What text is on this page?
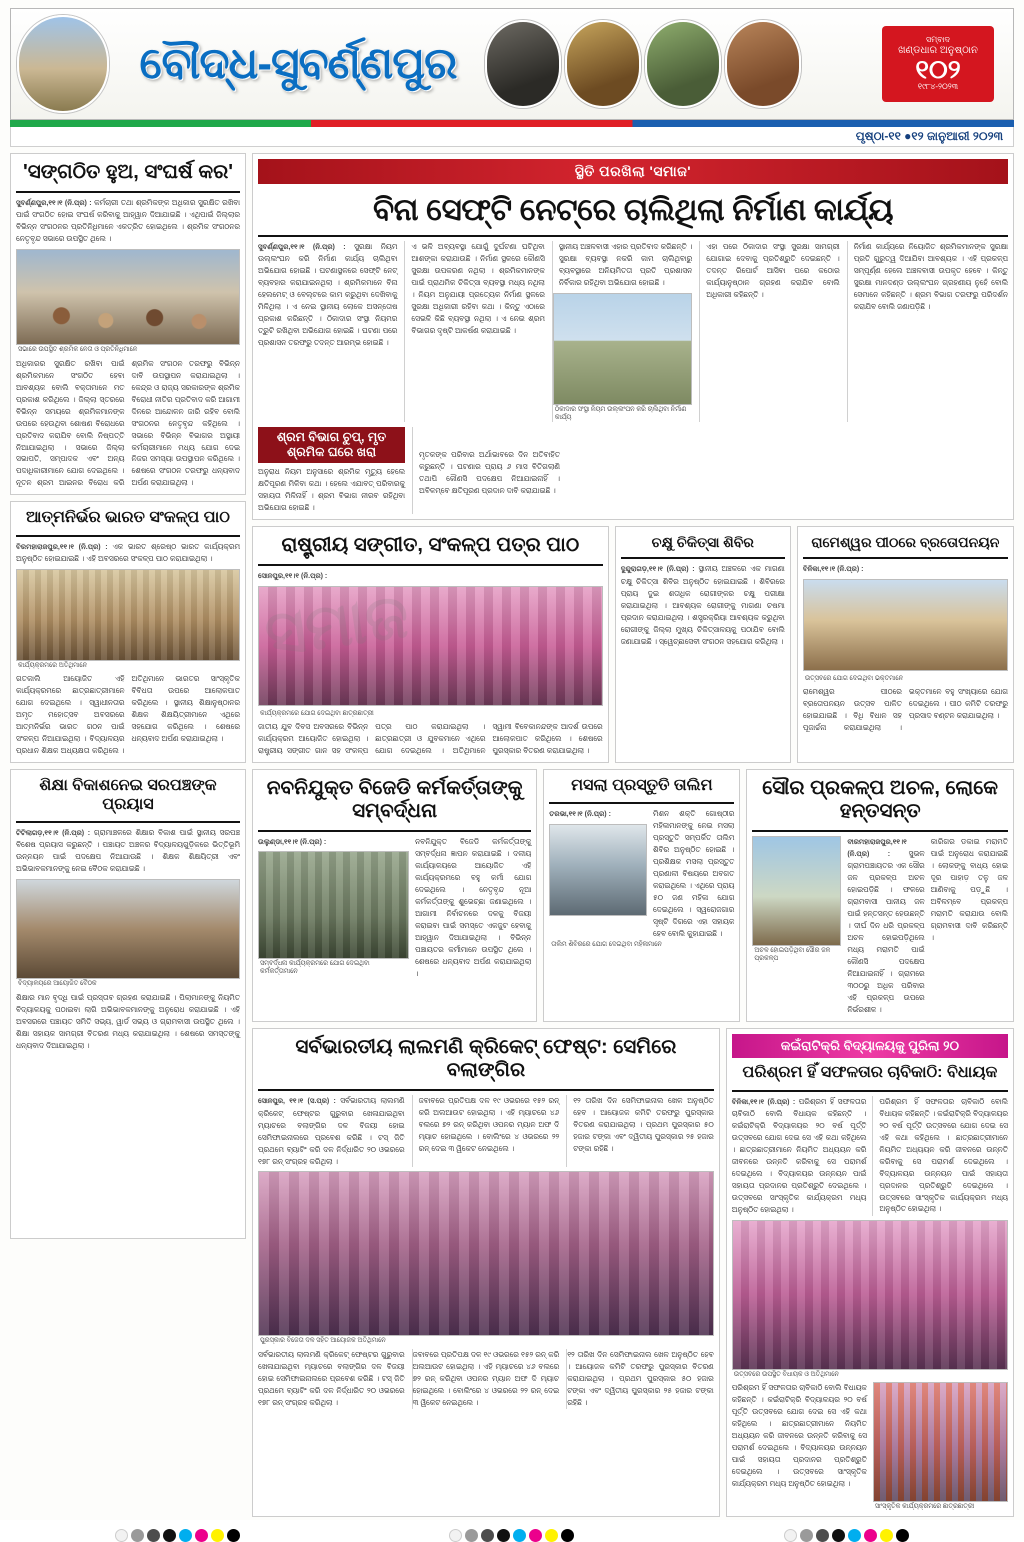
ବୌଦ୍ଧ-ସୁବର୍ଣ୍ଣପୁର	ସମ୍ବାଦ
ଖଣ୍ଡଧାର ଅନୁଷ୍ଠାନ
୧୦୨
୧୯୮୪-୨୦୨୩
ପୃଷ୍ଠା-୧୧ ●୧୨ ଜାନୁଆରୀ ୨୦୨୩
'ସଙ୍ଗଠିତ ହୁଅ, ସଂଘର୍ଷ କର'
ସୁବର୍ଣ୍ଣପୁର,୧୧।୧ (ନି.ପ୍ର) : କର୍ମଚାରୀ ତଥା ଶ୍ରମିକଙ୍କ ଅଧିକାର ସୁରକ୍ଷିତ ରଖିବା ପାଇଁ ସଂଗଠିତ ହୋଇ ସଂଘର୍ଷ କରିବାକୁ ଆହ୍ୱାନ ଦିଆଯାଇଛି । ଏଥିପାଇଁ ଜିଲ୍ଲାର ବିଭିନ୍ନ ସଂଗଠନର ପ୍ରତିନିଧିମାନେ ଏକତ୍ରିତ ହୋଇଥିଲେ । ଶ୍ରମିକ ସଂଗଠନର ନେତୃବୃନ୍ଦ ସଭାରେ ଉପସ୍ଥିତ ଥିଲେ ।
ସଭାରେ ଉପସ୍ଥିତ ଶ୍ରମିକ ନେତା ଓ ପ୍ରତିନିଧିମାନେ
ଅଧିକାରର ସୁରକ୍ଷିତ ରଖିବା ପାଇଁ ଶ୍ରମିକମାନେ ସଂଗଠିତ ହେବା ଆବଶ୍ୟକ ବୋଲି ବକ୍ତାମାନେ ମତ ପ୍ରକାଶ କରିଥିଲେ । ଜିଲ୍ଲା ସ୍ତରରେ ବିଭିନ୍ନ ସମୟରେ ଶ୍ରମିକମାନଙ୍କ ଉପରେ ହେଉଥିବା ଶୋଷଣ ବିରୋଧରେ ପ୍ରତିବାଦ କରାଯିବ ବୋଲି ନିଷ୍ପତ୍ତି ନିଆଯାଇଥିଲା । ସଭାରେ ଜିଲ୍ଲା ସଭାପତି, ସମ୍ପାଦକ ଏବଂ ଅନ୍ୟ ପଦାଧିକାରୀମାନେ ଯୋଗ ଦେଇଥିଲେ । ନୂତନ ଶ୍ରମ ଆଇନର ବିରୋଧ କରି ଶ୍ରମିକ ସଂଗଠନ ତରଫରୁ ବିଭିନ୍ନ ଦାବି ଉପସ୍ଥାପନ କରାଯାଇଥିଲା । କେନ୍ଦ୍ର ଓ ରାଜ୍ୟ ସରକାରଙ୍କ ଶ୍ରମିକ ବିରୋଧୀ ନୀତିର ପ୍ରତିବାଦ କରି ଆଗାମୀ ଦିନରେ ଆନ୍ଦୋଳନ ଜାରି ରହିବ ବୋଲି ସଂଗଠନର ନେତୃବୃନ୍ଦ କହିଥିଲେ । ସଭାରେ ବିଭିନ୍ନ ବିଭାଗର ଅସ୍ଥାୟୀ କର୍ମଚାରୀମାନେ ମଧ୍ୟ ଯୋଗ ଦେଇ ନିଜର ସମସ୍ୟା ଉପସ୍ଥାପନ କରିଥିଲେ । ଶେଷରେ ସଂଗଠନ ତରଫରୁ ଧନ୍ୟବାଦ ଅର୍ପଣ କରାଯାଇଥିଲା ।
ଆତ୍ମନିର୍ଭର ଭାରତ ସଂକଳ୍ପ ପାଠ
ବିରମହାରାଜପୁର,୧୧।୧ (ନି.ପ୍ର) : ଏକ ଭାରତ ଶ୍ରେଷ୍ଠ ଭାରତ କାର୍ଯ୍ୟକ୍ରମ ଅନୁଷ୍ଠିତ ହୋଇଯାଇଛି । ଏହି ଅବସରରେ ସଂକଳ୍ପ ପାଠ କରାଯାଇଥିଲା ।
କାର୍ଯ୍ୟକ୍ରମରେ ଅତିଥିମାନେ
ଗତକାଲି ଆୟୋଜିତ ଏହି କାର୍ଯ୍ୟକ୍ରମରେ ଛାତ୍ରଛାତ୍ରୀମାନେ ଯୋଗ ଦେଇଥିଲେ । ସ୍ୱାଧୀନତାର ଅମୃତ ମହୋତ୍ସବ ଅବସରରେ ଆତ୍ମନିର୍ଭର ଭାରତ ଗଠନ ପାଇଁ ସଂକଳ୍ପ ନିଆଯାଇଥିଲା । ବିଦ୍ୟାଳୟର ପ୍ରଧାନ ଶିକ୍ଷକ ଅଧ୍ୟକ୍ଷତା କରିଥିଲେ । ଅତିଥିମାନେ ଭାରତର ସାଂସ୍କୃତିକ ବିବିଧତା ଉପରେ ଆଲୋକପାତ କରିଥିଲେ । ସ୍ଥାନୀୟ ଶିକ୍ଷାନୁଷ୍ଠାନର ଶିକ୍ଷକ ଶିକ୍ଷୟିତ୍ରୀମାନେ ଏଥିରେ ସହଯୋଗ କରିଥିଲେ । ଶେଷରେ ଧନ୍ୟବାଦ ଅର୍ପଣ କରାଯାଇଥିଲା ।
ଶିକ୍ଷା ବିକାଶନେଇ ସରପଞ୍ଚଙ୍କ ପ୍ରୟାସ
ଟିଟିଲାଗଡ଼,୧୧।୧ (ନି.ପ୍ର) : ଗ୍ରାମାଞ୍ଚଳରେ ଶିକ୍ଷାର ବିକାଶ ପାଇଁ ସ୍ଥାନୀୟ ସରପଞ୍ଚ ବିଶେଷ ପ୍ରୟାସ କରୁଛନ୍ତି । ପଞ୍ଚାୟତ ଅଞ୍ଚଳର ବିଦ୍ୟାଳୟଗୁଡ଼ିକରେ ଭିତ୍ତିଭୂମି ଉନ୍ନୟନ ପାଇଁ ପଦକ୍ଷେପ ନିଆଯାଉଛି । ଶିକ୍ଷକ ଶିକ୍ଷୟିତ୍ରୀ ଏବଂ ଅଭିଭାବକମାନଙ୍କୁ ନେଇ ବୈଠକ କରାଯାଇଛି ।
ବିଦ୍ୟାଳୟରେ ଆୟୋଜିତ ବୈଠକ
ଶିକ୍ଷାର ମାନ ବୃଦ୍ଧି ପାଇଁ ପ୍ରସ୍ତାବ ଗ୍ରହଣ କରାଯାଇଛି । ପିଲାମାନଙ୍କୁ ନିୟମିତ ବିଦ୍ୟାଳୟକୁ ପଠାଇବା ଲାଗି ଅଭିଭାବକମାନଙ୍କୁ ଅନୁରୋଧ କରାଯାଇଛି । ଏହି ଅବସରରେ ପଞ୍ଚାୟତ ସମିତି ସଭ୍ୟ, ୱାର୍ଡ ସଭ୍ୟ ଓ ଗ୍ରାମବାସୀ ଉପସ୍ଥିତ ଥିଲେ । ଶିକ୍ଷା ସହାୟକ ସାମଗ୍ରୀ ବିତରଣ ମଧ୍ୟ କରାଯାଇଥିଲା । ଶେଷରେ ସମସ୍ତଙ୍କୁ ଧନ୍ୟବାଦ ଦିଆଯାଇଥିଲା ।
ସ୍ଥିତି ପରଖିଲା 'ସମାଜ'
ବିନା ସେଫ୍ଟି ନେଟ୍‌ରେ ଚାଲିଥିଲା ନିର୍ମାଣ କାର୍ଯ୍ୟ
ସୁବର୍ଣ୍ଣପୁର,୧୧।୧ (ନି.ପ୍ର) : ସୁରକ୍ଷା ନିୟମ ଉଲ୍ଲଂଘନ କରି ନିର୍ମାଣ କାର୍ଯ୍ୟ ଚାଲିଥିବା ଅଭିଯୋଗ ହୋଇଛି । ଘଟଣାସ୍ଥଳରେ ସେଫ୍ଟି ନେଟ୍ ବ୍ୟବହାର କରାଯାଇନଥିଲା । ଶ୍ରମିକମାନେ ବିନା ହେଲମେଟ୍ ଓ ବେଲ୍ଟରେ କାମ କରୁଥିବା ଦେଖିବାକୁ ମିଳିଥିଲା । ଏ ନେଇ ସ୍ଥାନୀୟ ଲୋକେ ଅସନ୍ତୋଷ ପ୍ରକାଶ କରିଛନ୍ତି । ଠିକାଦାର ସଂସ୍ଥା ନିୟମର ତ୍ରୁଟି ରଖିଥିବା ଅଭିଯୋଗ ହୋଇଛି । ଘଟଣା ପରେ ପ୍ରଶାସନ ତରଫରୁ ତଦନ୍ତ ଆରମ୍ଭ ହୋଇଛି ।
ଏ ଭଳି ଅବ୍ୟବସ୍ଥା ଯୋଗୁଁ ଦୁର୍ଘଟଣା ଘଟିଥିବା ଆଶଙ୍କା କରାଯାଉଛି । ନିର୍ମାଣ ସ୍ଥଳରେ କୌଣସି ସୁରକ୍ଷା ଉପକରଣ ନଥିଲା । ଶ୍ରମିକମାନଙ୍କ ପାଇଁ ପ୍ରାଥମିକ ଚିକିତ୍ସା ବ୍ୟବସ୍ଥା ମଧ୍ୟ ନଥିଲା । ନିୟମ ଅନୁଯାୟୀ ପ୍ରତ୍ୟେକ ନିର୍ମାଣ ସ୍ଥଳରେ ସୁରକ୍ଷା ଅଧିକାରୀ ରହିବା କଥା । କିନ୍ତୁ ଏଠାରେ ସେଭଳି କିଛି ବ୍ୟବସ୍ଥା ନଥିଲା । ଏ ନେଇ ଶ୍ରମ ବିଭାଗର ଦୃଷ୍ଟି ଆକର୍ଷଣ କରାଯାଇଛି ।
ସ୍ଥାନୀୟ ଅଞ୍ଚଳବାସୀ ଏହାର ପ୍ରତିବାଦ କରିଛନ୍ତି । ସୁରକ୍ଷା ବ୍ୟବସ୍ଥା ନକରି କାମ ଚାଲିଥିବାରୁ ବ୍ୟବସ୍ଥାରେ ଅନିୟମିତତା ପ୍ରତି ପ୍ରଶାସନ ନିର୍ବିକାର ରହିଥିବା ଅଭିଯୋଗ ହୋଇଛି ।
ଠିକାଦାର ସଂସ୍ଥା ନିୟମ ଉଲ୍ଲଂଘନ କରି ଚାଲିଥିବା ନିର୍ମାଣ କାର୍ଯ୍ୟ
ଏହା ପରେ ଠିକାଦାର ସଂସ୍ଥା ସୁରକ୍ଷା ସାମଗ୍ରୀ ଯୋଗାଇ ଦେବାକୁ ପ୍ରତିଶ୍ରୁତି ଦେଇଛନ୍ତି । ତଦନ୍ତ ରିପୋର୍ଟ ଆସିବା ପରେ କଠୋର କାର୍ଯ୍ୟାନୁଷ୍ଠାନ ଗ୍ରହଣ କରାଯିବ ବୋଲି ଅଧିକାରୀ କହିଛନ୍ତି ।
ନିର୍ମାଣ କାର୍ଯ୍ୟରେ ନିୟୋଜିତ ଶ୍ରମିକମାନଙ୍କ ସୁରକ୍ଷା ପ୍ରତି ଗୁରୁତ୍ୱ ଦିଆଯିବା ଆବଶ୍ୟକ । ଏହି ପ୍ରକଳ୍ପ ସମ୍ପୂର୍ଣ୍ଣ ହେଲେ ଅଞ୍ଚଳବାସୀ ଉପକୃତ ହେବେ । କିନ୍ତୁ ସୁରକ୍ଷା ମାନଦଣ୍ଡ ଉଲ୍ଲଂଘନ ଗ୍ରହଣୀୟ ନୁହେଁ ବୋଲି ସେମାନେ କହିଛନ୍ତି । ଶ୍ରମ ବିଭାଗ ତରଫରୁ ପରିଦର୍ଶନ କରାଯିବ ବୋଲି ଜଣାପଡ଼ିଛି ।
ଶ୍ରମ ବିଭାଗ ଚୁପ୍‌, ମୃତ ଶ୍ରମିକ ଘରେ ଖରା
ଅନୁରାଧ ନିୟମ ଅନୁସାରେ ଶ୍ରମିକ ମୃତ୍ୟୁ ହେଲେ କ୍ଷତିପୂରଣ ମିଳିବା କଥା । ହେଲେ ଏଯାବତ୍ ପରିବାରକୁ ସହାୟତା ମିଳିନାହିଁ । ଶ୍ରମ ବିଭାଗ ନୀରବ ରହିଥିବା ଅଭିଯୋଗ ହୋଇଛି ।
ମୃତକଙ୍କ ପରିବାର ଅର୍ଥାଭାବରେ ଦିନ ଅତିବାହିତ କରୁଛନ୍ତି । ଘଟଣାର ପ୍ରାୟ ୬ ମାସ ବିତିଗଲାଣି ତଥାପି କୌଣସି ପଦକ୍ଷେପ ନିଆଯାଇନାହିଁ । ଅବିଳମ୍ବେ କ୍ଷତିପୂରଣ ପ୍ରଦାନ ଦାବି କରାଯାଇଛି ।
ରାଷ୍ଟ୍ରୀୟ ସଙ୍ଗୀତ, ସଂକଳ୍ପ ପତ୍ର ପାଠ
ସୋନପୁର,୧୧।୧ (ନି.ପ୍ର) :
କାର୍ଯ୍ୟକ୍ରମରେ ଯୋଗ ଦେଇଥିବା ଛାତ୍ରଛାତ୍ରୀ
ଜାତୀୟ ଯୁବ ଦିବସ ଅବସରରେ ବିଭିନ୍ନ କାର୍ଯ୍ୟକ୍ରମ ଆୟୋଜିତ ହୋଇଥିଲା । ରାଷ୍ଟ୍ରୀୟ ସଙ୍ଗୀତ ଗାନ ସହ ସଂକଳ୍ପ ପତ୍ର ପାଠ କରାଯାଇଥିଲା । ଛାତ୍ରଛାତ୍ରୀ ଓ ଯୁବକମାନେ ଏଥିରେ ଯୋଗ ଦେଇଥିଲେ । ଅତିଥିମାନେ ସ୍ୱାମୀ ବିବେକାନନ୍ଦଙ୍କ ଆଦର୍ଶ ଉପରେ ଆଲୋକପାତ କରିଥିଲେ । ଶେଷରେ ପୁରସ୍କାର ବିତରଣ କରାଯାଇଥିଲା ।
ଚକ୍ଷୁ ଚିକିତ୍ସା ଶିବିର
ଦୁନ୍ଦୁରାଗଡ଼,୧୧।୧ (ନି.ପ୍ର) : ସ୍ଥାନୀୟ ଅଞ୍ଚଳରେ ଏକ ମାଗଣା ଚକ୍ଷୁ ଚିକିତ୍ସା ଶିବିର ଅନୁଷ୍ଠିତ ହୋଇଯାଇଛି । ଶିବିରରେ ପ୍ରାୟ ଦୁଇ ଶତାଧିକ ରୋଗୀଙ୍କର ଚକ୍ଷୁ ପରୀକ୍ଷା କରାଯାଇଥିଲା । ଆବଶ୍ୟକ ରୋଗୀଙ୍କୁ ମାଗଣା ଚଷମା ପ୍ରଦାନ କରାଯାଇଥିଲା । ଶସ୍ତ୍ରକ୍ରିୟା ଆବଶ୍ୟକ କରୁଥିବା ରୋଗୀଙ୍କୁ ଜିଲ୍ଲା ମୁଖ୍ୟ ଚିକିତ୍ସାଳୟକୁ ପଠାଯିବ ବୋଲି ଜଣାଯାଇଛି । ସ୍ୱେଚ୍ଛାସେବୀ ସଂଗଠନ ସହଯୋଗ କରିଥିଲା ।
ରାମେଶ୍ୱର ପୀଠରେ ବ୍ରତୋପନୟନ
ବିନିକା,୧୧।୧ (ନି.ପ୍ର) :
ଉତ୍ସବରେ ଯୋଗ ଦେଇଥିବା ଭକ୍ତମାନେ
ରାମେଶ୍ୱର ପୀଠରେ ବ୍ରତୋପନୟନ ଉତ୍ସବ ପାଳିତ ହୋଇଯାଇଛି । ବିଧି ବିଧାନ ସହ ପୂଜାର୍ଚ୍ଚନା କରାଯାଇଥିଲା । ଭକ୍ତମାନେ ବହୁ ସଂଖ୍ୟାରେ ଯୋଗ ଦେଇଥିଲେ । ପୀଠ କମିଟି ତରଫରୁ ପ୍ରସାଦ ବଣ୍ଟନ କରାଯାଇଥିଲା ।
ନବନିଯୁକ୍ତ ବିଜେଡି କର୍ମକର୍ତ୍ତାଙ୍କୁ ସମ୍ବର୍ଦ୍ଧନା
ଉଲୁଣ୍ଡା,୧୧।୧ (ନି.ପ୍ର) :
ସମ୍ବର୍ଦ୍ଧନା କାର୍ଯ୍ୟକ୍ରମରେ ଯୋଗ ଦେଇଥିବା କର୍ମକର୍ତ୍ତାମାନେ
ନବନିଯୁକ୍ତ ବିଜେଡି କର୍ମକର୍ତ୍ତାଙ୍କୁ ସମ୍ବର୍ଦ୍ଧନା ଜ୍ଞାପନ କରାଯାଇଛି । ଦଳୀୟ କାର୍ଯ୍ୟାଳୟରେ ଆୟୋଜିତ ଏହି କାର୍ଯ୍ୟକ୍ରମରେ ବହୁ କର୍ମୀ ଯୋଗ ଦେଇଥିଲେ । ନେତୃବୃନ୍ଦ ନୂଆ କର୍ମକର୍ତ୍ତାଙ୍କୁ ଶୁଭେଚ୍ଛା ଜଣାଇଥିଲେ । ଆଗାମୀ ନିର୍ବାଚନରେ ଦଳକୁ ବିଜୟୀ କରାଇବା ପାଇଁ ସମସ୍ତେ ଏକଜୁଟ ହେବାକୁ ଆହ୍ୱାନ ଦିଆଯାଇଥିଲା । ବିଭିନ୍ନ ପଞ୍ଚାୟତର କର୍ମୀମାନେ ଉପସ୍ଥିତ ଥିଲେ । ଶେଷରେ ଧନ୍ୟବାଦ ଅର୍ପଣ କରାଯାଇଥିଲା ।
ମସଲା ପ୍ରସ୍ତୁତି ତାଲିମ
ତରଭା,୧୧।୧ (ନି.ପ୍ର) :	ମିଶନ ଶକ୍ତି ଗୋଷ୍ଠୀର ମହିଳାମାନଙ୍କୁ ନେଇ ମସଲା ପ୍ରସ୍ତୁତି ସମ୍ପର୍କିତ ତାଲିମ ଶିବିର ଅନୁଷ୍ଠିତ ହୋଇଛି । ପ୍ରଶିକ୍ଷକ ମସଲା ପ୍ରସ୍ତୁତ ପ୍ରଣାଳୀ ବିଷୟରେ ଅବଗତ କରାଇଥିଲେ । ଏଥିରେ ପ୍ରାୟ ୫୦ ଜଣ ମହିଳା ଯୋଗ ଦେଇଥିଲେ । ସ୍ୱରୋଜଗାର ସୃଷ୍ଟି ଦିଗରେ ଏହା ସହାୟକ ହେବ ବୋଲି କୁହାଯାଇଛି ।
ତାଲିମ ଶିବିରରେ ଯୋଗ ଦେଇଥିବା ମହିଳାମାନେ
ସୌର ପ୍ରକଳ୍ପ ଅଚଳ, ଲୋକେ ହନ୍ତସନ୍ତ
ଅଚଳ ହୋଇପଡ଼ିଥିବା ସୌର ଜଳ ପ୍ରକଳ୍ପ
ବୀରମହାରାଜପୁର,୧୧।୧ (ନି.ପ୍ର) :	ସୁଭଳ ଗ୍ରାମପଞ୍ଚାୟତର ଏକ ସୌର ଜଳ ପ୍ରକଳ୍ପ ଅଚଳ ହୋଇପଡ଼ିଛି । ଫଳରେ ଗ୍ରାମବାସୀ ପାନୀୟ ଜଳ ପାଇଁ ହନ୍ତସନ୍ତ ହେଉଛନ୍ତି । ଦୀର୍ଘ ଦିନ ଧରି ପ୍ରକଳ୍ପ ଅଚଳ ହୋଇପଡ଼ିଥିଲେ ମଧ୍ୟ ମରାମତି ପାଇଁ କୌଣସି ପଦକ୍ଷେପ ନିଆଯାଇନାହିଁ । ଗ୍ରାମରେ ୩୦୦ରୁ ଅଧିକ ପରିବାର ଏହି ପ୍ରକଳ୍ପ ଉପରେ ନିର୍ଭରଶୀଳ ।
କାରିଗର ଡକାଇ ମରାମତି ପାଇଁ ଅନୁରୋଧ କରାଯାଇଛି । ଲୋକଙ୍କୁ ବାଧ୍ୟ ହୋଇ ଦୂର ପାହାଡ଼ ତଳୁ ଜଳ ଆଣିବାକୁ ପଡ଼ୁଛି । ଅବିଳମ୍ବେ ପ୍ରକଳ୍ପ ମରାମତି କରାଯାଉ ବୋଲି ଗ୍ରାମବାସୀ ଦାବି କରିଛନ୍ତି ।
ସର୍ବଭାରତୀୟ ଲାଲମଣି କ୍ରିକେଟ୍‌ ଫେଷ୍ଟ: ସେମିରେ ବଲାଙ୍ଗିର
ସୋନପୁର, ୧୧।୧ (ସ.ପ୍ର) : ସର୍ବଭାରତୀୟ ଲାଲମଣି କ୍ରିକେଟ୍ ଫେଷ୍ଟର ଗୁରୁବାର ଖେଳାଯାଇଥିବା ମ୍ୟାଚରେ ବଲାଙ୍ଗିର ଦଳ ବିଜୟୀ ହୋଇ ସେମିଫାଇନାଲରେ ପ୍ରବେଶ କରିଛି । ଟସ୍ ଜିତି ପ୍ରଥମେ ବ୍ୟାଟିଂ କରି ଦଳ ନିର୍ଦ୍ଧାରିତ ୨୦ ଓଭରରେ ୧୭୮ ରନ୍ ସଂଗ୍ରହ କରିଥିଲା ।
ଜବାବରେ ପ୍ରତିପକ୍ଷ ଦଳ ୧୯ ଓଭରରେ ୧୫୨ ରନ୍ କରି ଅଲଆଉଟ ହୋଇଥିଲା । ଏହି ମ୍ୟାଚରେ ୪୬ ବଲରେ ୭୨ ରନ୍ କରିଥିବା ଓପନର ମ୍ୟାନ ଅଫ ଦି ମ୍ୟାଚ ହୋଇଥିଲେ । ବୋଲିଂରେ ୪ ଓଭରରେ ୨୨ ରନ୍ ଦେଇ ୩ ୱିକେଟ ନେଇଥିଲେ ।
୧୨ ତାରିଖ ଦିନ ସେମିଫାଇନାଲ ଖେଳ ଅନୁଷ୍ଠିତ ହେବ । ଆୟୋଜକ କମିଟି ତରଫରୁ ପୁରସ୍କାର ବିତରଣ କରାଯାଇଥିଲା । ପ୍ରଥମ ପୁରସ୍କାର ୫୦ ହଜାର ଟଙ୍କା ଏବଂ ଦ୍ୱିତୀୟ ପୁରସ୍କାର ୨୫ ହଜାର ଟଙ୍କା ରହିଛି ।
ପୁରସ୍କାର ବିଜେତା ଦଳ ସହିତ ଆୟୋଜକ ଅତିଥିମାନେ
ସର୍ବଭାରତୀୟ ଲାଲମଣି କ୍ରିକେଟ୍ ଫେଷ୍ଟର ଗୁରୁବାର ଖେଳାଯାଇଥିବା ମ୍ୟାଚରେ ବଲାଙ୍ଗିର ଦଳ ବିଜୟୀ ହୋଇ ସେମିଫାଇନାଲରେ ପ୍ରବେଶ କରିଛି । ଟସ୍ ଜିତି ପ୍ରଥମେ ବ୍ୟାଟିଂ କରି ଦଳ ନିର୍ଦ୍ଧାରିତ ୨୦ ଓଭରରେ ୧୭୮ ରନ୍ ସଂଗ୍ରହ କରିଥିଲା ।
ଜବାବରେ ପ୍ରତିପକ୍ଷ ଦଳ ୧୯ ଓଭରରେ ୧୫୨ ରନ୍ କରି ଅଲଆଉଟ ହୋଇଥିଲା । ଏହି ମ୍ୟାଚରେ ୪୬ ବଲରେ ୭୨ ରନ୍ କରିଥିବା ଓପନର ମ୍ୟାନ ଅଫ ଦି ମ୍ୟାଚ ହୋଇଥିଲେ । ବୋଲିଂରେ ୪ ଓଭରରେ ୨୨ ରନ୍ ଦେଇ ୩ ୱିକେଟ ନେଇଥିଲେ ।
୧୨ ତାରିଖ ଦିନ ସେମିଫାଇନାଲ ଖେଳ ଅନୁଷ୍ଠିତ ହେବ । ଆୟୋଜକ କମିଟି ତରଫରୁ ପୁରସ୍କାର ବିତରଣ କରାଯାଇଥିଲା । ପ୍ରଥମ ପୁରସ୍କାର ୫୦ ହଜାର ଟଙ୍କା ଏବଂ ଦ୍ୱିତୀୟ ପୁରସ୍କାର ୨୫ ହଜାର ଟଙ୍କା ରହିଛି ।
କଇଁରାଟିକ୍ରି ବିଦ୍ୟାଳୟକୁ ପୁରିଲା ୨୦
ପରିଶ୍ରମ ହିଁ ସଫଳତାର ଚାବିକାଠି: ବିଧାୟକ
ବିନିକା,୧୧।୧ (ନି.ପ୍ର) : ପରିଶ୍ରମ ହିଁ ସଫଳତାର ଚାବିକାଠି ବୋଲି ବିଧାୟକ କହିଛନ୍ତି । କଇଁରାଟିକ୍ରି ବିଦ୍ୟାଳୟର ୨୦ ବର୍ଷ ପୂର୍ତ୍ତି ଉତ୍ସବରେ ଯୋଗ ଦେଇ ସେ ଏହି କଥା କହିଥିଲେ । ଛାତ୍ରଛାତ୍ରୀମାନେ ନିୟମିତ ଅଧ୍ୟୟନ କରି ଜୀବନରେ ଉନ୍ନତି କରିବାକୁ ସେ ପରାମର୍ଶ ଦେଇଥିଲେ । ବିଦ୍ୟାଳୟର ଉନ୍ନୟନ ପାଇଁ ସହାୟତା ପ୍ରଦାନର ପ୍ରତିଶ୍ରୁତି ଦେଇଥିଲେ । ଉତ୍ସବରେ ସାଂସ୍କୃତିକ କାର୍ଯ୍ୟକ୍ରମ ମଧ୍ୟ ଅନୁଷ୍ଠିତ ହୋଇଥିଲା ।
ପରିଶ୍ରମ ହିଁ ସଫଳତାର ଚାବିକାଠି ବୋଲି ବିଧାୟକ କହିଛନ୍ତି । କଇଁରାଟିକ୍ରି ବିଦ୍ୟାଳୟର ୨୦ ବର୍ଷ ପୂର୍ତ୍ତି ଉତ୍ସବରେ ଯୋଗ ଦେଇ ସେ ଏହି କଥା କହିଥିଲେ । ଛାତ୍ରଛାତ୍ରୀମାନେ ନିୟମିତ ଅଧ୍ୟୟନ କରି ଜୀବନରେ ଉନ୍ନତି କରିବାକୁ ସେ ପରାମର୍ଶ ଦେଇଥିଲେ । ବିଦ୍ୟାଳୟର ଉନ୍ନୟନ ପାଇଁ ସହାୟତା ପ୍ରଦାନର ପ୍ରତିଶ୍ରୁତି ଦେଇଥିଲେ । ଉତ୍ସବରେ ସାଂସ୍କୃତିକ କାର୍ଯ୍ୟକ୍ରମ ମଧ୍ୟ ଅନୁଷ୍ଠିତ ହୋଇଥିଲା ।
ଉତ୍ସବରେ ଉପସ୍ଥିତ ବିଧାୟକ ଓ ଅତିଥିମାନେ
ପରିଶ୍ରମ ହିଁ ସଫଳତାର ଚାବିକାଠି ବୋଲି ବିଧାୟକ କହିଛନ୍ତି । କଇଁରାଟିକ୍ରି ବିଦ୍ୟାଳୟର ୨୦ ବର୍ଷ ପୂର୍ତ୍ତି ଉତ୍ସବରେ ଯୋଗ ଦେଇ ସେ ଏହି କଥା କହିଥିଲେ । ଛାତ୍ରଛାତ୍ରୀମାନେ ନିୟମିତ ଅଧ୍ୟୟନ କରି ଜୀବନରେ ଉନ୍ନତି କରିବାକୁ ସେ ପରାମର୍ଶ ଦେଇଥିଲେ । ବିଦ୍ୟାଳୟର ଉନ୍ନୟନ ପାଇଁ ସହାୟତା ପ୍ରଦାନର ପ୍ରତିଶ୍ରୁତି ଦେଇଥିଲେ । ଉତ୍ସବରେ ସାଂସ୍କୃତିକ କାର୍ଯ୍ୟକ୍ରମ ମଧ୍ୟ ଅନୁଷ୍ଠିତ ହୋଇଥିଲା ।
ସାଂସ୍କୃତିକ କାର୍ଯ୍ୟକ୍ରମରେ ଛାତ୍ରଛାତ୍ରୀ
